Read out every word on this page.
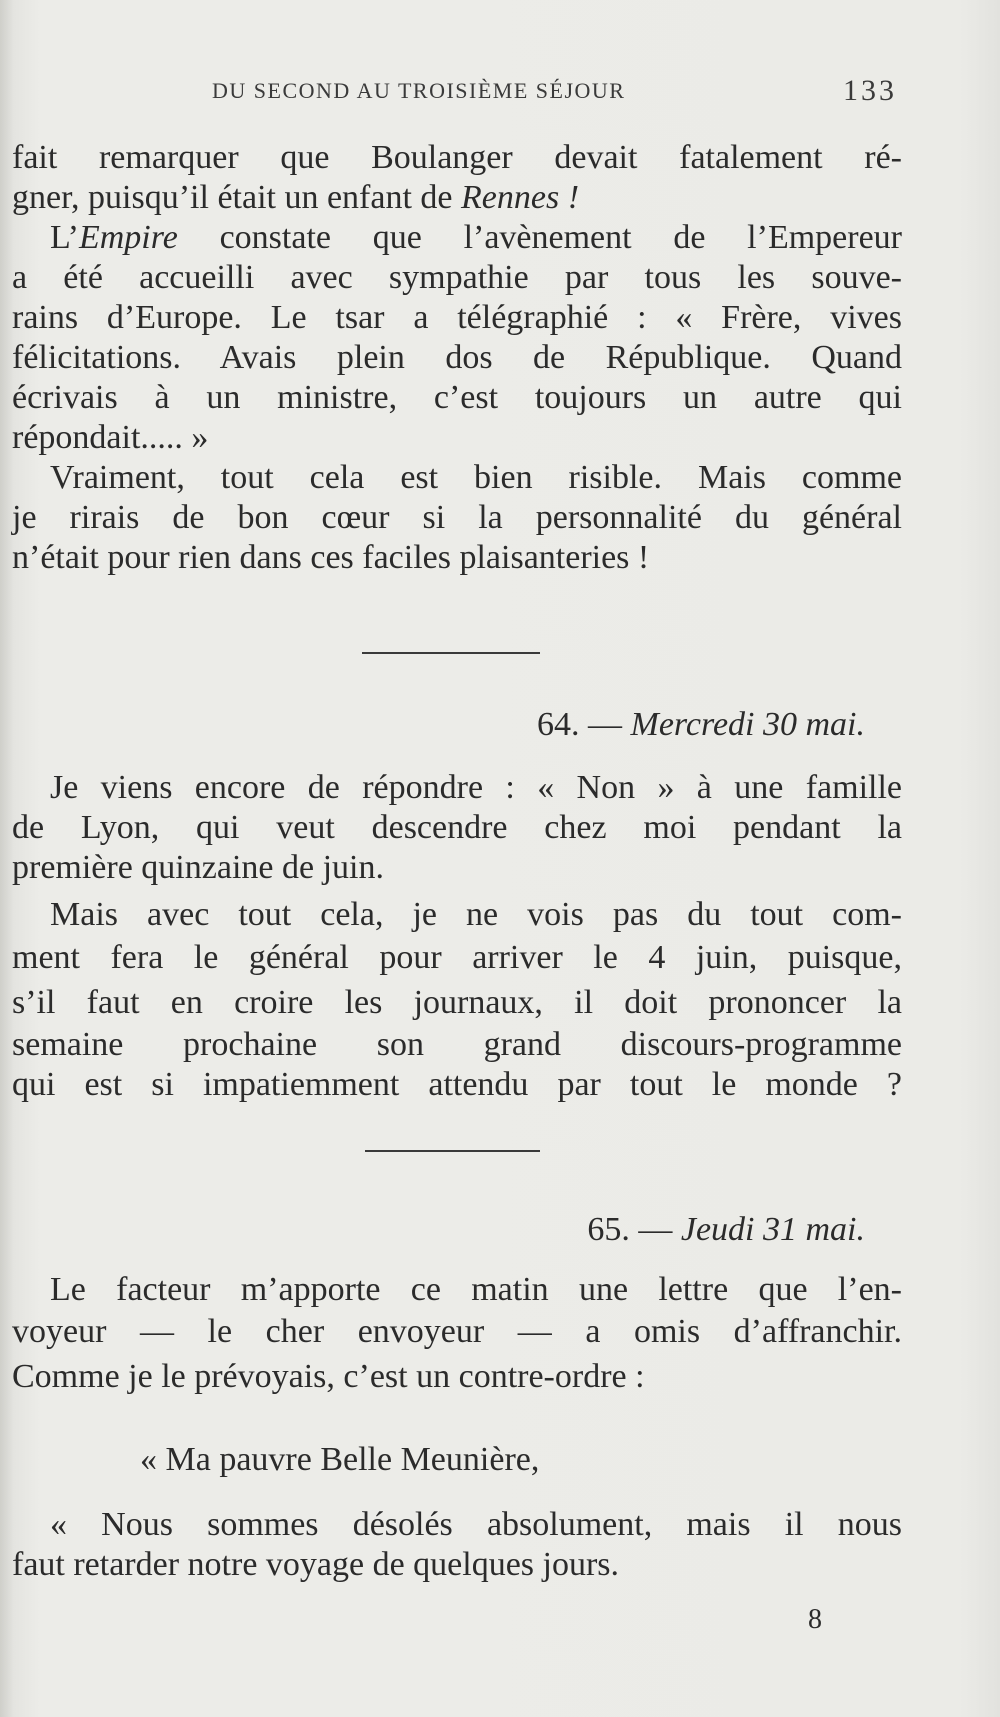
DU SECOND AU TROISIÈME SÉJOUR	133
fait remarquer que Boulanger devait fatalement ré-
gner, puisqu’il était un enfant de Rennes !
L’Empire constate que l’avènement de l’Empereur
a été accueilli avec sympathie par tous les souve-
rains d’Europe. Le tsar a télégraphié : « Frère, vives
félicitations. Avais plein dos de République. Quand
écrivais à un ministre, c’est toujours un autre qui
répondait..... »
Vraiment, tout cela est bien risible. Mais comme
je rirais de bon cœur si la personnalité du général
n’était pour rien dans ces faciles plaisanteries !
64. — Mercredi 30 mai.
Je viens encore de répondre : « Non » à une famille
de Lyon, qui veut descendre chez moi pendant la
première quinzaine de juin.
Mais avec tout cela, je ne vois pas du tout com-
ment fera le général pour arriver le 4 juin, puisque,
s’il faut en croire les journaux, il doit prononcer la
semaine prochaine son grand discours-programme
qui est si impatiemment attendu par tout le monde ?
65. — Jeudi 31 mai.
Le facteur m’apporte ce matin une lettre que l’en-
voyeur — le cher envoyeur — a omis d’affranchir.
Comme je le prévoyais, c’est un contre-ordre :
« Ma pauvre Belle Meunière,
« Nous sommes désolés absolument, mais il nous
faut retarder notre voyage de quelques jours.
8
